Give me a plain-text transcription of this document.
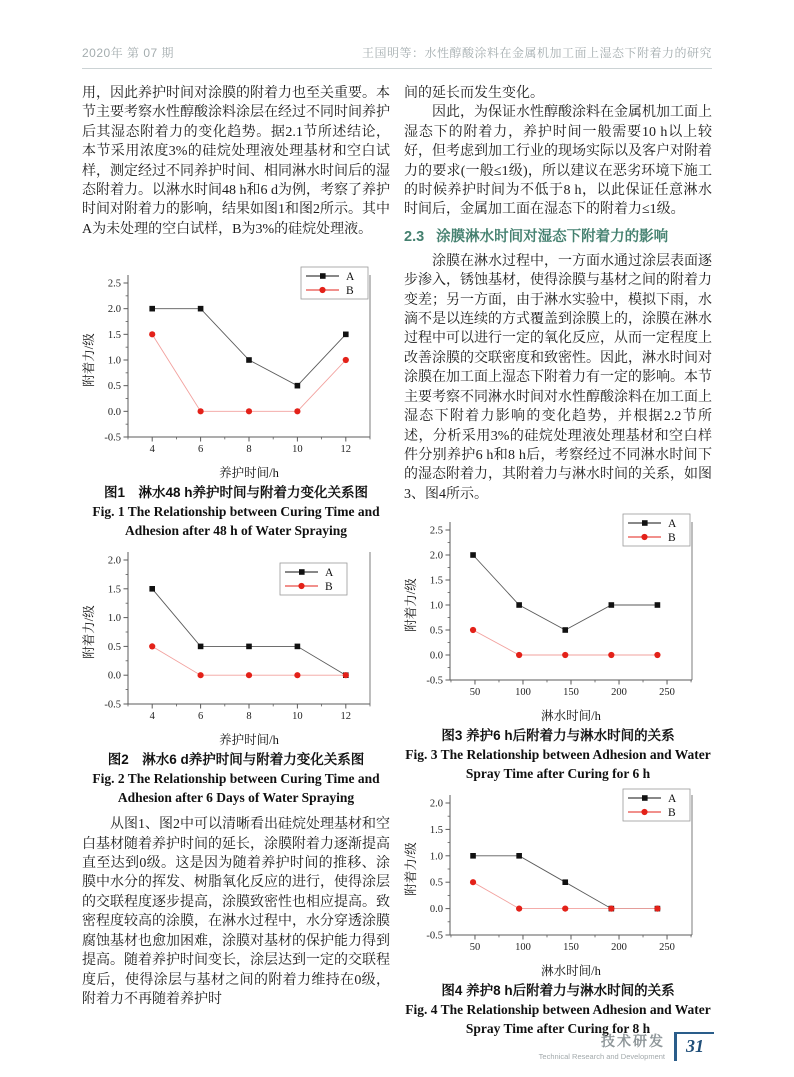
2020年 第 07 期	王国明等：水性醇酸涂料在金属机加工面上湿态下附着力的研究

用，因此养护时间对涂膜的附着力也至关重要。本节主要考察水性醇酸涂料涂层在经过不同时间养护后其湿态附着力的变化趋势。据2.1节所述结论，本节采用浓度3%的硅烷处理液处理基材和空白试样，测定经过不同养护时间、相同淋水时间后的湿态附着力。以淋水时间48 h和6 d为例，考察了养护时间对附着力的影响，结果如图1和图2所示。其中A为未处理的空白试样，B为3%的硅烷处理液。

4	6	8	10	12
-0.5
0.0
0.5
1.0
1.5
2.0
2.5
养护时间/h
附着力/级
A
B
图1　淋水48 h养护时间与附着力变化关系图
Fig. 1 The Relationship between Curing Time and
Adhesion after 48 h of Water Spraying
4	6	8	10	12
-0.5
0.0
0.5
1.0
1.5
2.0
养护时间/h
附着力/级
A
B
图2　淋水6 d养护时间与附着力变化关系图
Fig. 2 The Relationship between Curing Time and
Adhesion after 6 Days of Water Spraying

从图1、图2中可以清晰看出硅烷处理基材和空白基材随着养护时间的延长，涂膜附着力逐渐提高直至达到0级。这是因为随着养护时间的推移、涂膜中水分的挥发、树脂氧化反应的进行，使得涂层的交联程度逐步提高，涂膜致密性也相应提高。致密程度较高的涂膜，在淋水过程中，水分穿透涂膜腐蚀基材也愈加困难，涂膜对基材的保护能力得到提高。随着养护时间变长，涂层达到一定的交联程度后，使得涂层与基材之间的附着力维持在0级，附着力不再随着养护时

间的延长而发生变化。

因此，为保证水性醇酸涂料在金属机加工面上湿态下的附着力，养护时间一般需要10 h以上较好，但考虑到加工行业的现场实际以及客户对附着力的要求(一般≤1级)，所以建议在恶劣环境下施工的时候养护时间为不低于8 h，以此保证任意淋水时间后，金属加工面在湿态下的附着力≤1级。

2.3 涂膜淋水时间对湿态下附着力的影响

涂膜在淋水过程中，一方面水通过涂层表面逐步渗入，锈蚀基材，使得涂膜与基材之间的附着力变差；另一方面，由于淋水实验中，模拟下雨，水滴不是以连续的方式覆盖到涂膜上的，涂膜在淋水过程中可以进行一定的氧化反应，从而一定程度上改善涂膜的交联密度和致密性。因此，淋水时间对涂膜在加工面上湿态下附着力有一定的影响。本节主要考察不同淋水时间对水性醇酸涂料在加工面上湿态下附着力影响的变化趋势，并根据2.2节所述，分析采用3%的硅烷处理液处理基材和空白样件分别养护6 h和8 h后，考察经过不同淋水时间下的湿态附着力，其附着力与淋水时间的关系，如图3、图4所示。

50	100	150	200	250
-0.5
0.0
0.5
1.0
1.5
2.0
2.5
淋水时间/h
附着力/级
A
B
图3 养护6 h后附着力与淋水时间的关系
Fig. 3 The Relationship between Adhesion and Water
Spray Time after Curing for 6 h
50	100	150	200	250
-0.5
0.0
0.5
1.0
1.5
2.0
淋水时间/h
附着力/级
A
B
图4 养护8 h后附着力与淋水时间的关系
Fig. 4 The Relationship between Adhesion and Water
Spray Time after Curing for 8 h
技术研发
Technical Research and Development
31
